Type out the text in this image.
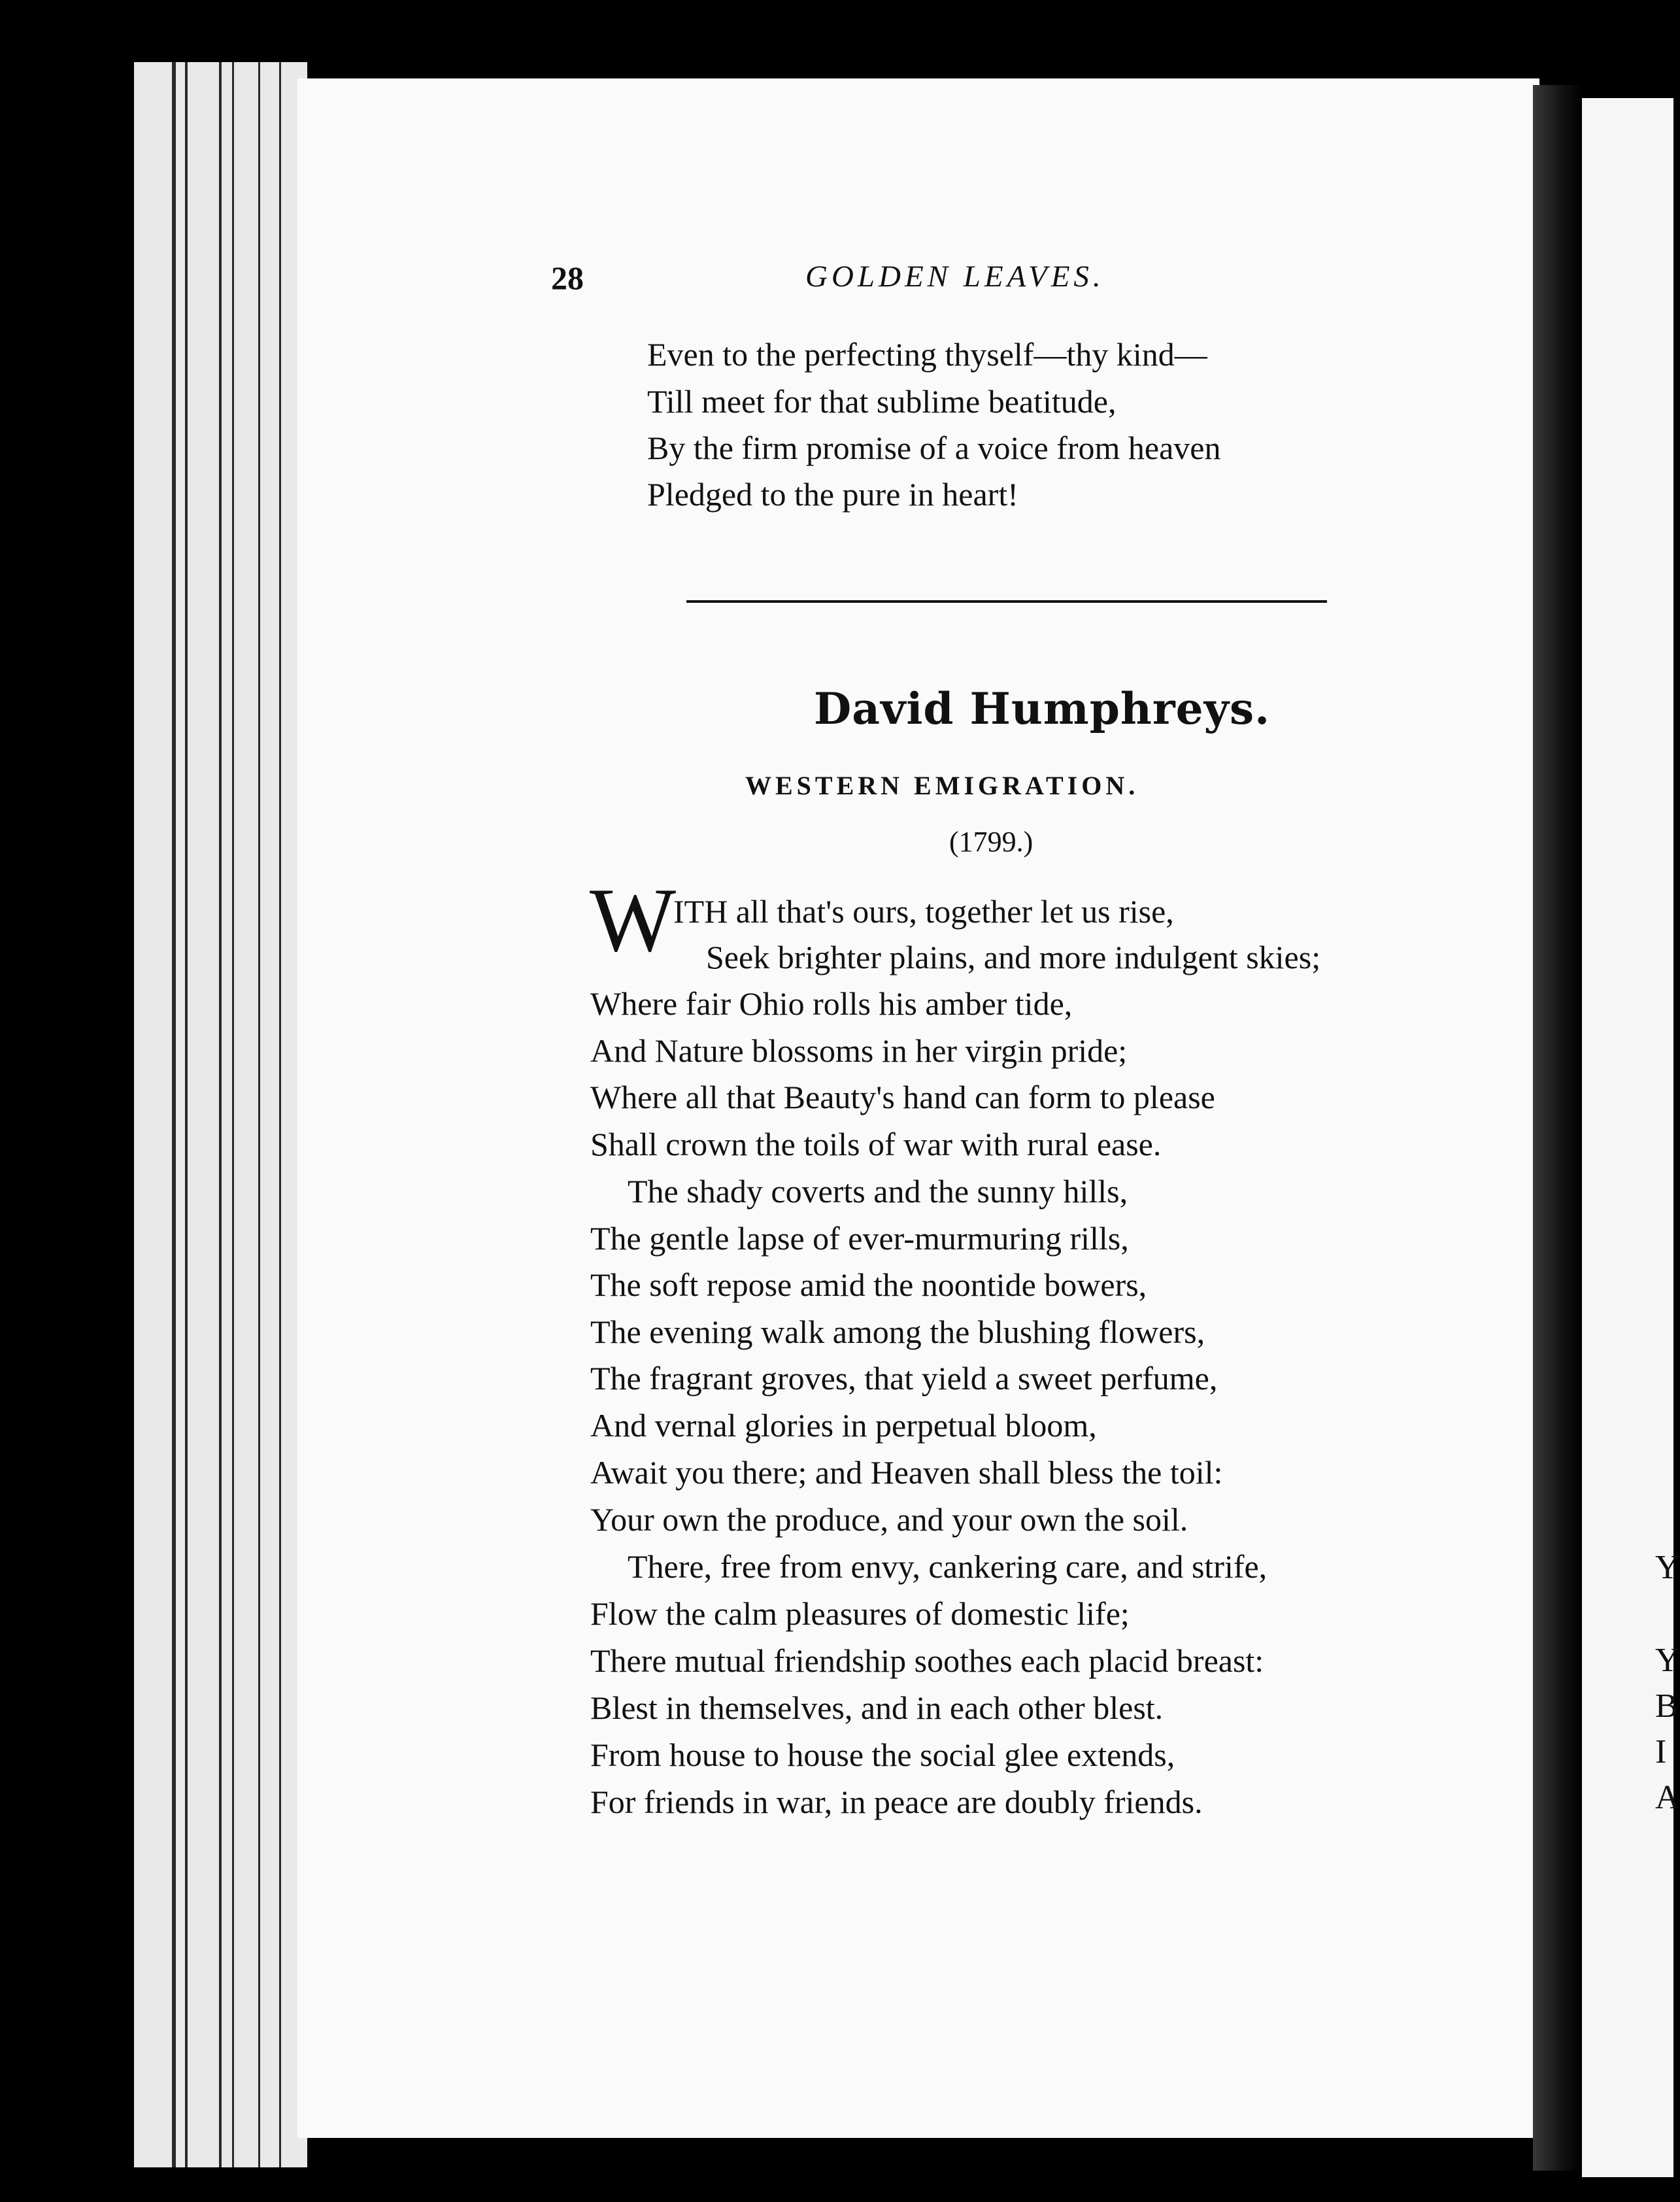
Y
Y
B
I
A
28	GOLDEN LEAVES.
Even to the perfecting thyself—thy kind—
Till meet for that sublime beatitude,
By the firm promise of a voice from heaven
Pledged to the pure in heart!
David Humphreys.
WESTERN EMIGRATION.
(1799.)
W
ITH all that's ours, together let us rise,
Seek brighter plains, and more indulgent skies;
Where fair Ohio rolls his amber tide,
And Nature blossoms in her virgin pride;
Where all that Beauty's hand can form to please
Shall crown the toils of war with rural ease.
The shady coverts and the sunny hills,
The gentle lapse of ever-murmuring rills,
The soft repose amid the noontide bowers,
The evening walk among the blushing flowers,
The fragrant groves, that yield a sweet perfume,
And vernal glories in perpetual bloom,
Await you there; and Heaven shall bless the toil:
Your own the produce, and your own the soil.
There, free from envy, cankering care, and strife,
Flow the calm pleasures of domestic life;
There mutual friendship soothes each placid breast:
Blest in themselves, and in each other blest.
From house to house the social glee extends,
For friends in war, in peace are doubly friends.
